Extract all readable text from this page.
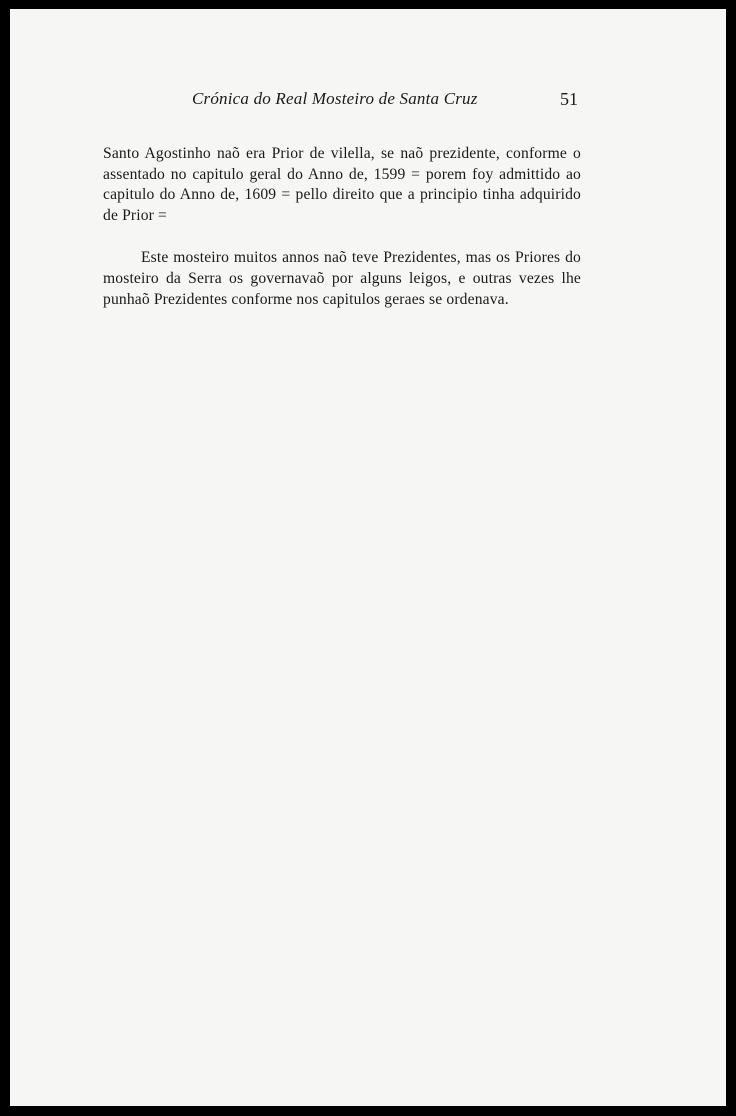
Crónica do Real Mosteiro de Santa Cruz	51

Santo Agostinho naõ era Prior de vilella, se naõ prezidente, conforme o assentado no capitulo geral do Anno de, 1599 = porem foy admittido ao capitulo do Anno de, 1609 = pello direito que a principio tinha adquirido de Prior =

Este mosteiro muitos annos naõ teve Prezidentes, mas os Priores do mosteiro da Serra os governavaõ por alguns leigos, e outras vezes lhe punhaõ Prezidentes conforme nos capitulos geraes se ordenava.
